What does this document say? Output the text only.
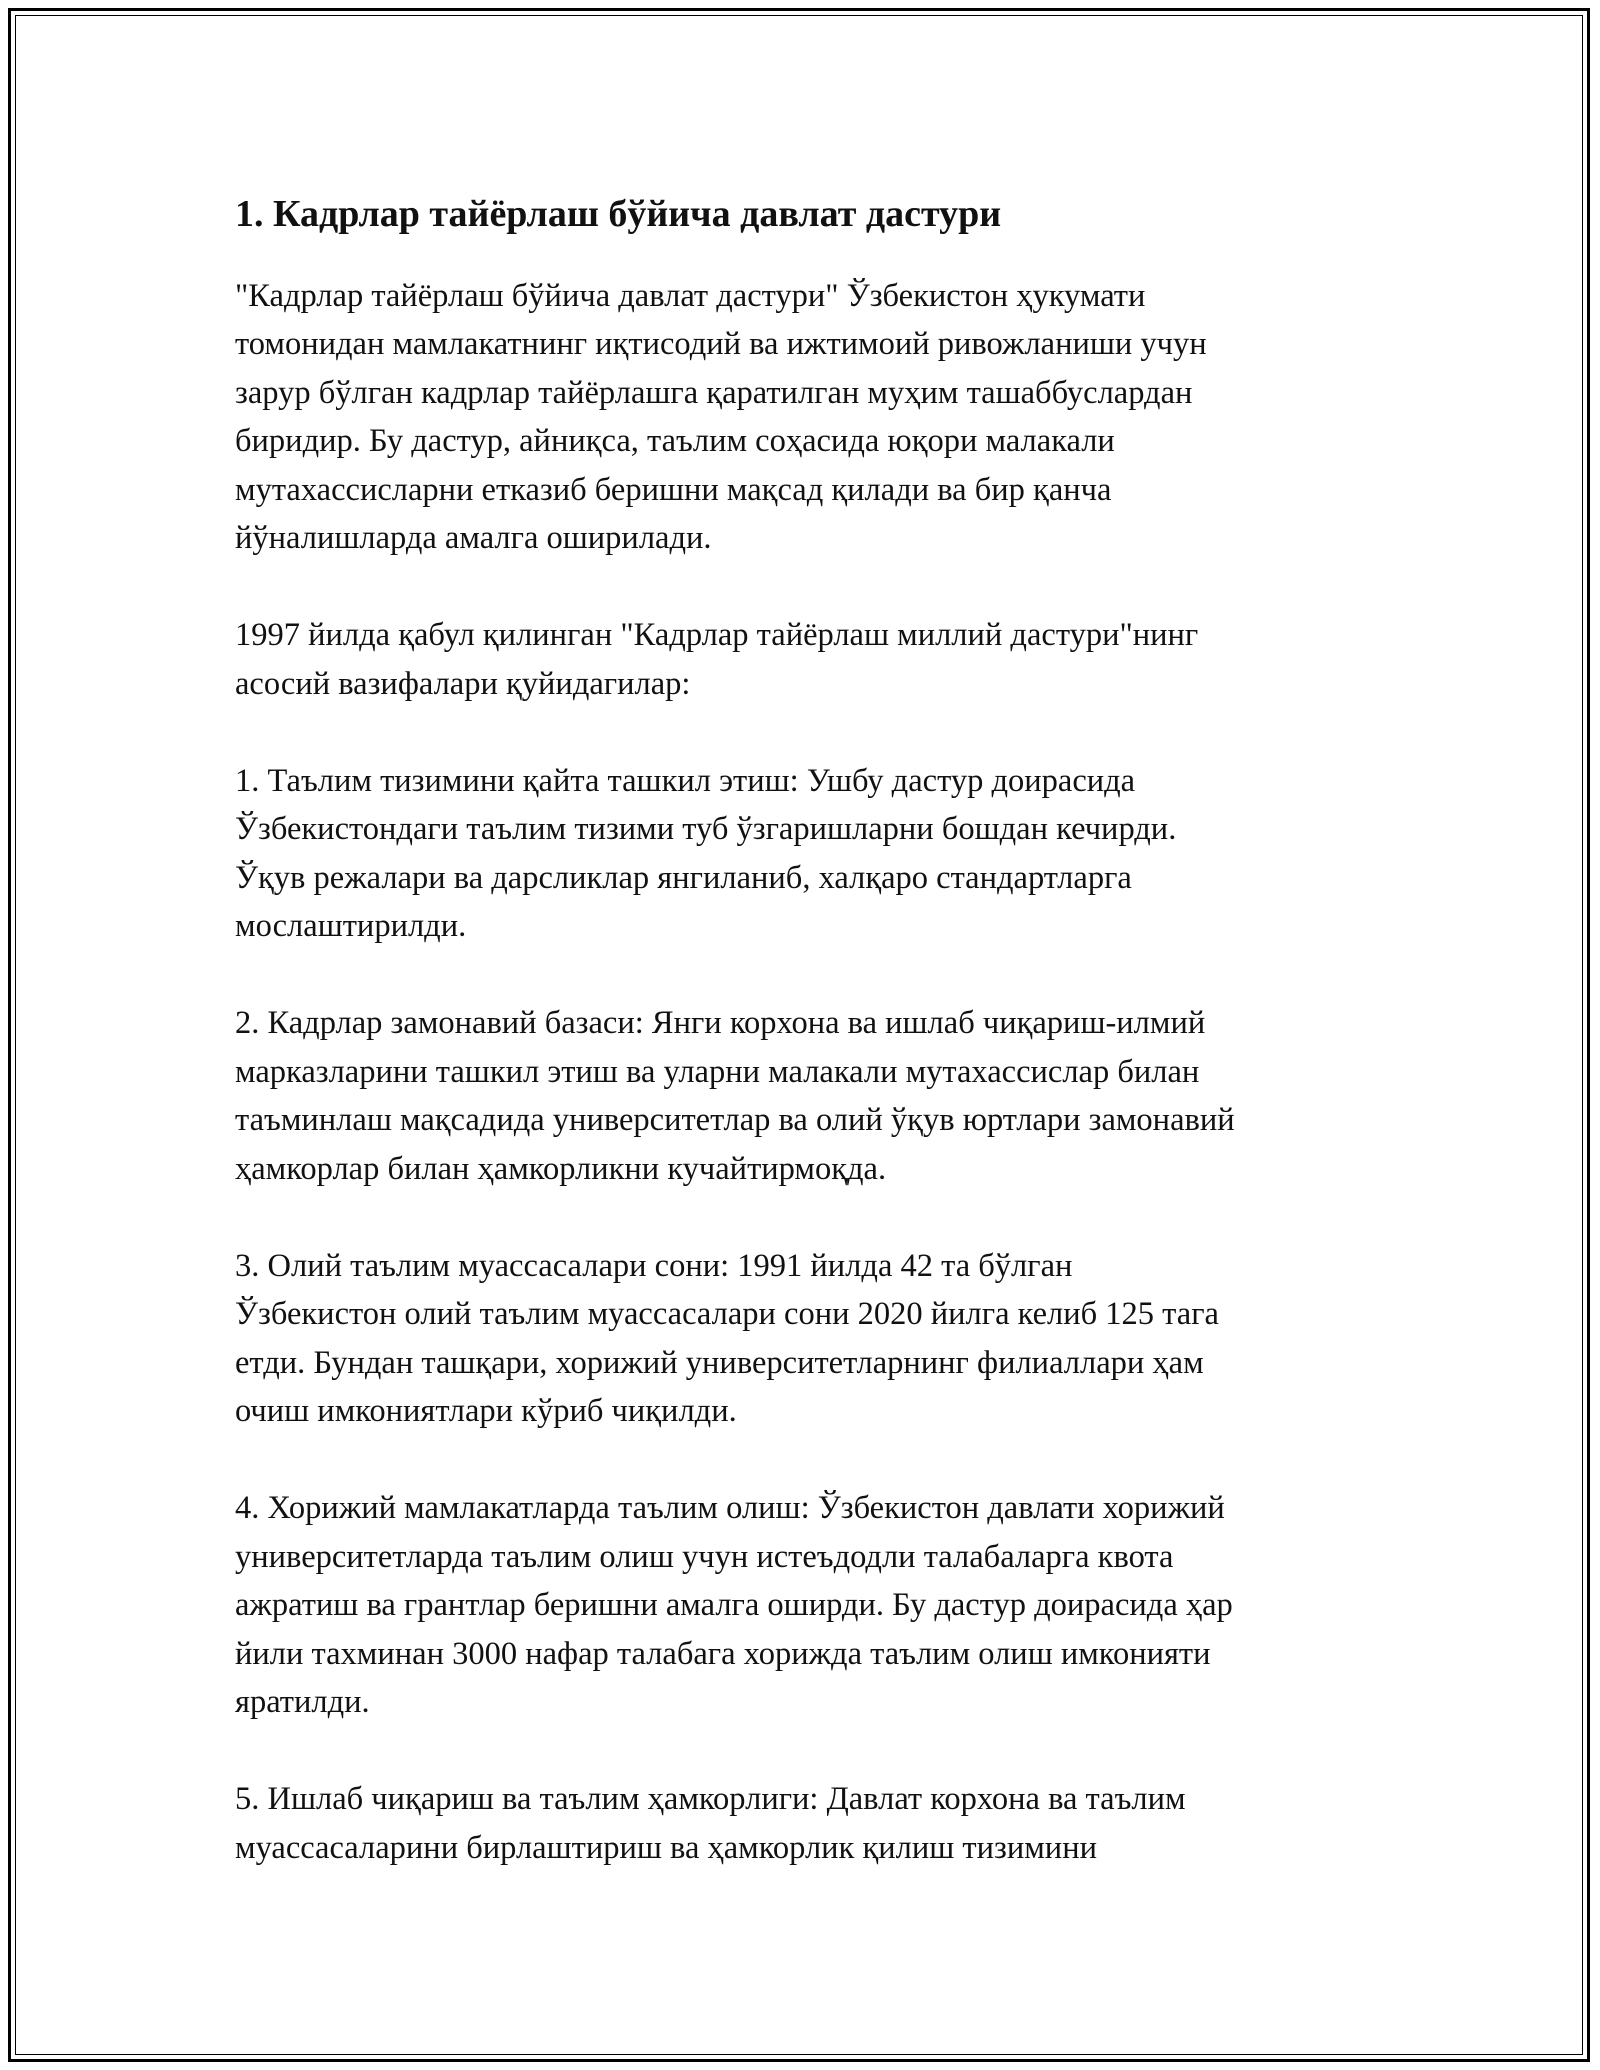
1. Кадрлар тайёрлаш бўйича давлат дастури

"Кадрлар тайёрлаш бўйича давлат дастури" Ўзбекистон ҳукумати
томонидан мамлакатнинг иқтисодий ва ижтимоий ривожланиши учун
зарур бўлган кадрлар тайёрлашга қаратилган муҳим ташаббуслардан
биридир. Бу дастур, айниқса, таълим соҳасида юқори малакали
мутахассисларни етказиб беришни мақсад қилади ва бир қанча
йўналишларда амалга оширилади.

1997 йилда қабул қилинган "Кадрлар тайёрлаш миллий дастури"нинг
асосий вазифалари қуйидагилар:

1. Таълим тизимини қайта ташкил этиш: Ушбу дастур доирасида
Ўзбекистондаги таълим тизими туб ўзгаришларни бошдан кечирди.
Ўқув режалари ва дарсликлар янгиланиб, халқаро стандартларга
мослаштирилди.

2. Кадрлар замонавий базаси: Янги корхона ва ишлаб чиқариш-илмий
марказларини ташкил этиш ва уларни малакали мутахассислар билан
таъминлаш мақсадида университетлар ва олий ўқув юртлари замонавий
ҳамкорлар билан ҳамкорликни кучайтирмоқда.

3. Олий таълим муассасалари сони: 1991 йилда 42 та бўлган
Ўзбекистон олий таълим муассасалари сони 2020 йилга келиб 125 тага
етди. Бундан ташқари, хорижий университетларнинг филиаллари ҳам
очиш имкониятлари кўриб чиқилди.

4. Хорижий мамлакатларда таълим олиш: Ўзбекистон давлати хорижий
университетларда таълим олиш учун истеъдодли талабаларга квота
ажратиш ва грантлар беришни амалга оширди. Бу дастур доирасида ҳар
йили тахминан 3000 нафар талабага хорижда таълим олиш имконияти
яратилди.

5. Ишлаб чиқариш ва таълим ҳамкорлиги: Давлат корхона ва таълим
муассасаларини бирлаштириш ва ҳамкорлик қилиш тизимини
